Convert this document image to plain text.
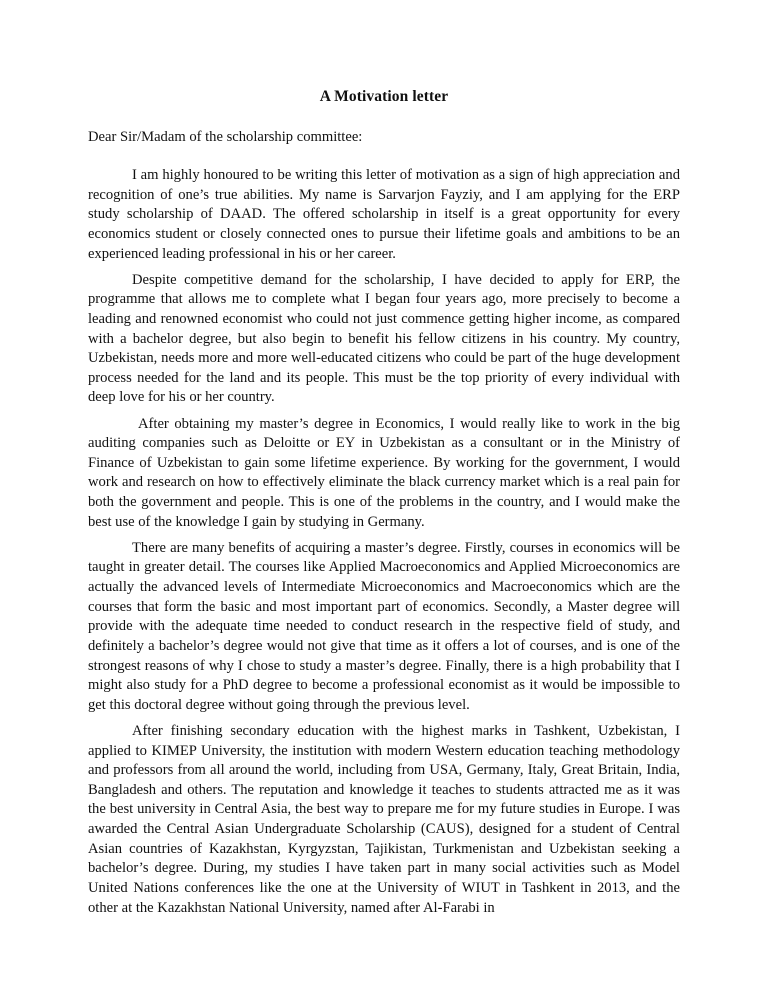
A Motivation letter

Dear Sir/Madam of the scholarship committee:

I am highly honoured to be writing this letter of motivation as a sign of high appreciation and recognition of one’s true abilities. My name is Sarvarjon Fayziy, and I am applying for the ERP study scholarship of DAAD. The offered scholarship in itself is a great opportunity for every economics student or closely connected ones to pursue their lifetime goals and ambitions to be an experienced leading professional in his or her career.

Despite competitive demand for the scholarship, I have decided to apply for ERP, the programme that allows me to complete what I began four years ago, more precisely to become a leading and renowned economist who could not just commence getting higher income, as compared with a bachelor degree, but also begin to benefit his fellow citizens in his country. My country, Uzbekistan, needs more and more well-educated citizens who could be part of the huge development process needed for the land and its people. This must be the top priority of every individual with deep love for his or her country.

After obtaining my master’s degree in Economics, I would really like to work in the big auditing companies such as Deloitte or EY in Uzbekistan as a consultant or in the Ministry of Finance of Uzbekistan to gain some lifetime experience. By working for the government, I would work and research on how to effectively eliminate the black currency market which is a real pain for both the government and people. This is one of the problems in the country, and I would make the best use of the knowledge I gain by studying in Germany.

There are many benefits of acquiring a master’s degree. Firstly, courses in economics will be taught in greater detail. The courses like Applied Macroeconomics and Applied Microeconomics are actually the advanced levels of Intermediate Microeconomics and Macroeconomics which are the courses that form the basic and most important part of economics. Secondly, a Master degree will provide with the adequate time needed to conduct research in the respective field of study, and definitely a bachelor’s degree would not give that time as it offers a lot of courses, and is one of the strongest reasons of why I chose to study a master’s degree. Finally, there is a high probability that I might also study for a PhD degree to become a professional economist as it would be impossible to get this doctoral degree without going through the previous level.

After finishing secondary education with the highest marks in Tashkent, Uzbekistan, I applied to KIMEP University, the institution with modern Western education teaching methodology and professors from all around the world, including from USA, Germany, Italy, Great Britain, India, Bangladesh and others. The reputation and knowledge it teaches to students attracted me as it was the best university in Central Asia, the best way to prepare me for my future studies in Europe. I was awarded the Central Asian Undergraduate Scholarship (CAUS), designed for a student of Central Asian countries of Kazakhstan, Kyrgyzstan, Tajikistan, Turkmenistan and Uzbekistan seeking a bachelor’s degree. During, my studies I have taken part in many social activities such as Model United Nations conferences like the one at the University of WIUT in Tashkent in 2013, and the other at the Kazakhstan National University, named after Al-Farabi in
